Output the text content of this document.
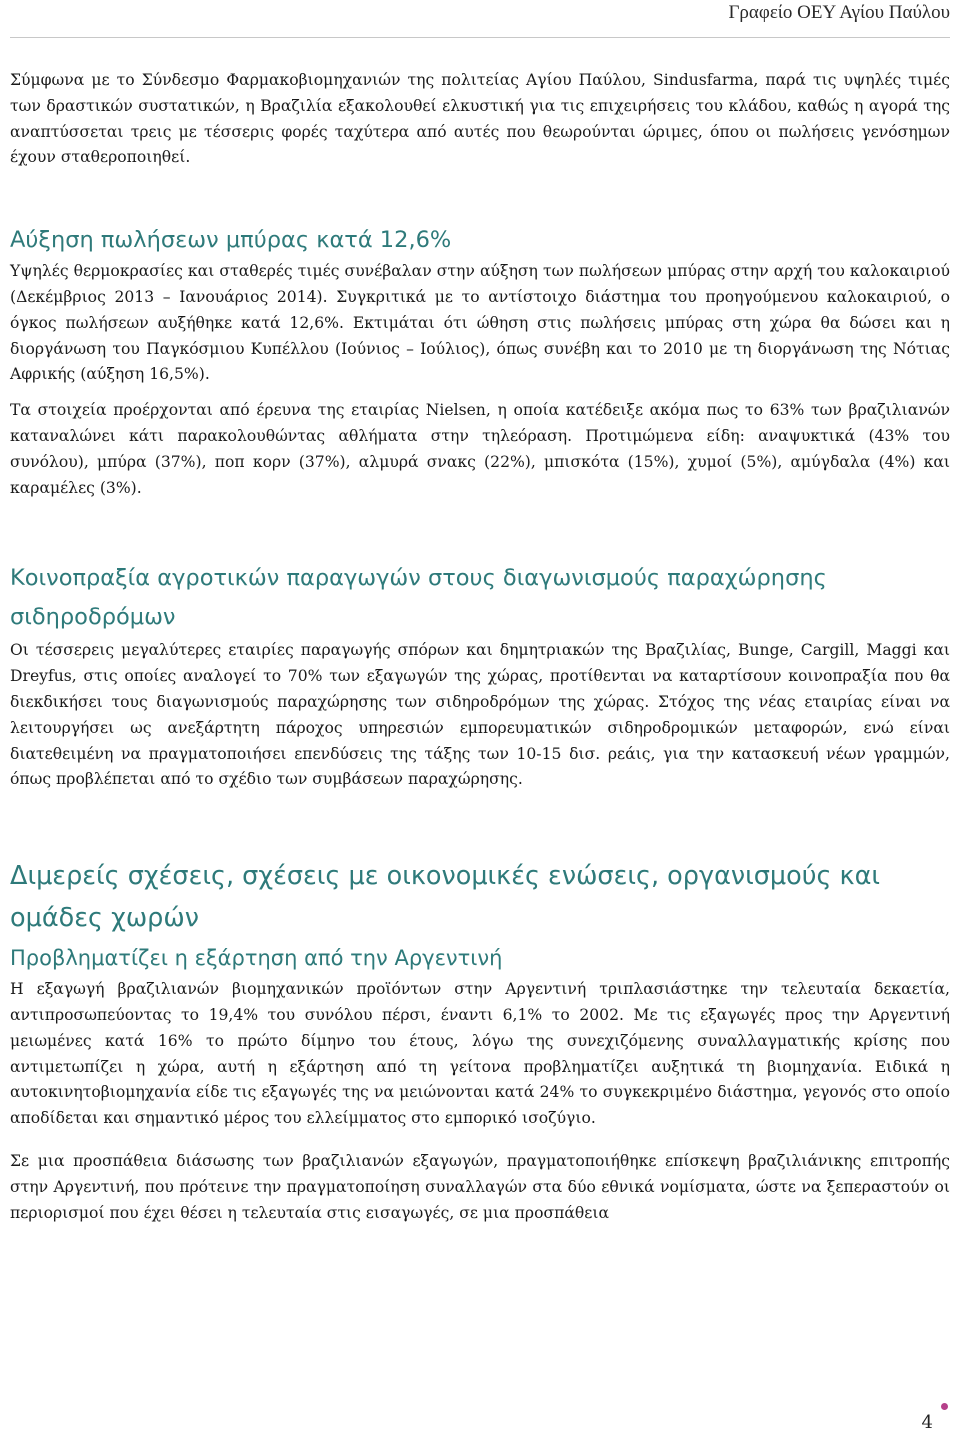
Γραφείο ΟΕΥ Αγίου Παύλου

Σύμφωνα με το Σύνδεσμο Φαρμακοβιομηχανιών της πολιτείας Αγίου Παύλου, Sindusfarma, παρά τις υψηλές τιμές των δραστικών συστατικών, η Βραζιλία εξακολουθεί ελκυστική για τις επιχειρήσεις του κλάδου, καθώς η αγορά της αναπτύσσεται τρεις με τέσσερις φορές ταχύτερα από αυτές που θεωρούνται ώριμες, όπου οι πωλήσεις γενόσημων έχουν σταθεροποιηθεί.

Αύξηση πωλήσεων μπύρας κατά 12,6%

Υψηλές θερμοκρασίες και σταθερές τιμές συνέβαλαν στην αύξηση των πωλήσεων μπύρας στην αρχή του καλοκαιριού (Δεκέμβριος 2013 – Ιανουάριος 2014). Συγκριτικά με το αντίστοιχο διάστημα του προηγούμενου καλοκαιριού, ο όγκος πωλήσεων αυξήθηκε κατά 12,6%. Εκτιμάται ότι ώθηση στις πωλήσεις μπύρας στη χώρα θα δώσει και η διοργάνωση του Παγκόσμιου Κυπέλλου (Ιούνιος – Ιούλιος), όπως συνέβη και το 2010 με τη διοργάνωση της Νότιας Αφρικής (αύξηση 16,5%).

Τα στοιχεία προέρχονται από έρευνα της εταιρίας Nielsen, η οποία κατέδειξε ακόμα πως το 63% των βραζιλιανών καταναλώνει κάτι παρακολουθώντας αθλήματα στην τηλεόραση. Προτιμώμενα είδη: αναψυκτικά (43% του συνόλου), μπύρα (37%), ποπ κορν (37%), αλμυρά σνακς (22%), μπισκότα (15%), χυμοί (5%), αμύγδαλα (4%) και καραμέλες (3%).

Κοινοπραξία αγροτικών παραγωγών στους διαγωνισμούς παραχώρησης σιδηροδρόμων

Οι τέσσερεις μεγαλύτερες εταιρίες παραγωγής σπόρων και δημητριακών της Βραζιλίας, Bunge, Cargill, Maggi και Dreyfus, στις οποίες αναλογεί το 70% των εξαγωγών της χώρας, προτίθενται να καταρτίσουν κοινοπραξία που θα διεκδικήσει τους διαγωνισμούς παραχώρησης των σιδηροδρόμων της χώρας. Στόχος της νέας εταιρίας είναι να λειτουργήσει ως ανεξάρτητη πάροχος υπηρεσιών εμπορευματικών σιδηροδρομικών μεταφορών, ενώ είναι διατεθειμένη να πραγματοποιήσει επενδύσεις της τάξης των 10-15 δισ. ρεάις, για την κατασκευή νέων γραμμών, όπως προβλέπεται από το σχέδιο των συμβάσεων παραχώρησης.

Διμερείς σχέσεις, σχέσεις με οικονομικές ενώσεις, οργανισμούς και ομάδες χωρών
Προβληματίζει η εξάρτηση από την Αργεντινή

Η εξαγωγή βραζιλιανών βιομηχανικών προϊόντων στην Αργεντινή τριπλασιάστηκε την τελευταία δεκαετία, αντιπροσωπεύοντας το 19,4% του συνόλου πέρσι, έναντι 6,1% το 2002. Με τις εξαγωγές προς την Αργεντινή μειωμένες κατά 16% το πρώτο δίμηνο του έτους, λόγω της συνεχιζόμενης συναλλαγματικής κρίσης που αντιμετωπίζει η χώρα, αυτή η εξάρτηση από τη γείτονα προβληματίζει αυξητικά τη βιομηχανία. Ειδικά η αυτοκινητοβιομηχανία είδε τις εξαγωγές της να μειώνονται κατά 24% το συγκεκριμένο διάστημα, γεγονός στο οποίο αποδίδεται και σημαντικό μέρος του ελλείμματος στο εμπορικό ισοζύγιο.

Σε μια προσπάθεια διάσωσης των βραζιλιανών εξαγωγών, πραγματοποιήθηκε επίσκεψη βραζιλιάνικης επιτροπής στην Αργεντινή, που πρότεινε την πραγματοποίηση συναλλαγών στα δύο εθνικά νομίσματα, ώστε να ξεπεραστούν οι περιορισμοί που έχει θέσει η τελευταία στις εισαγωγές, σε μια προσπάθεια

4
